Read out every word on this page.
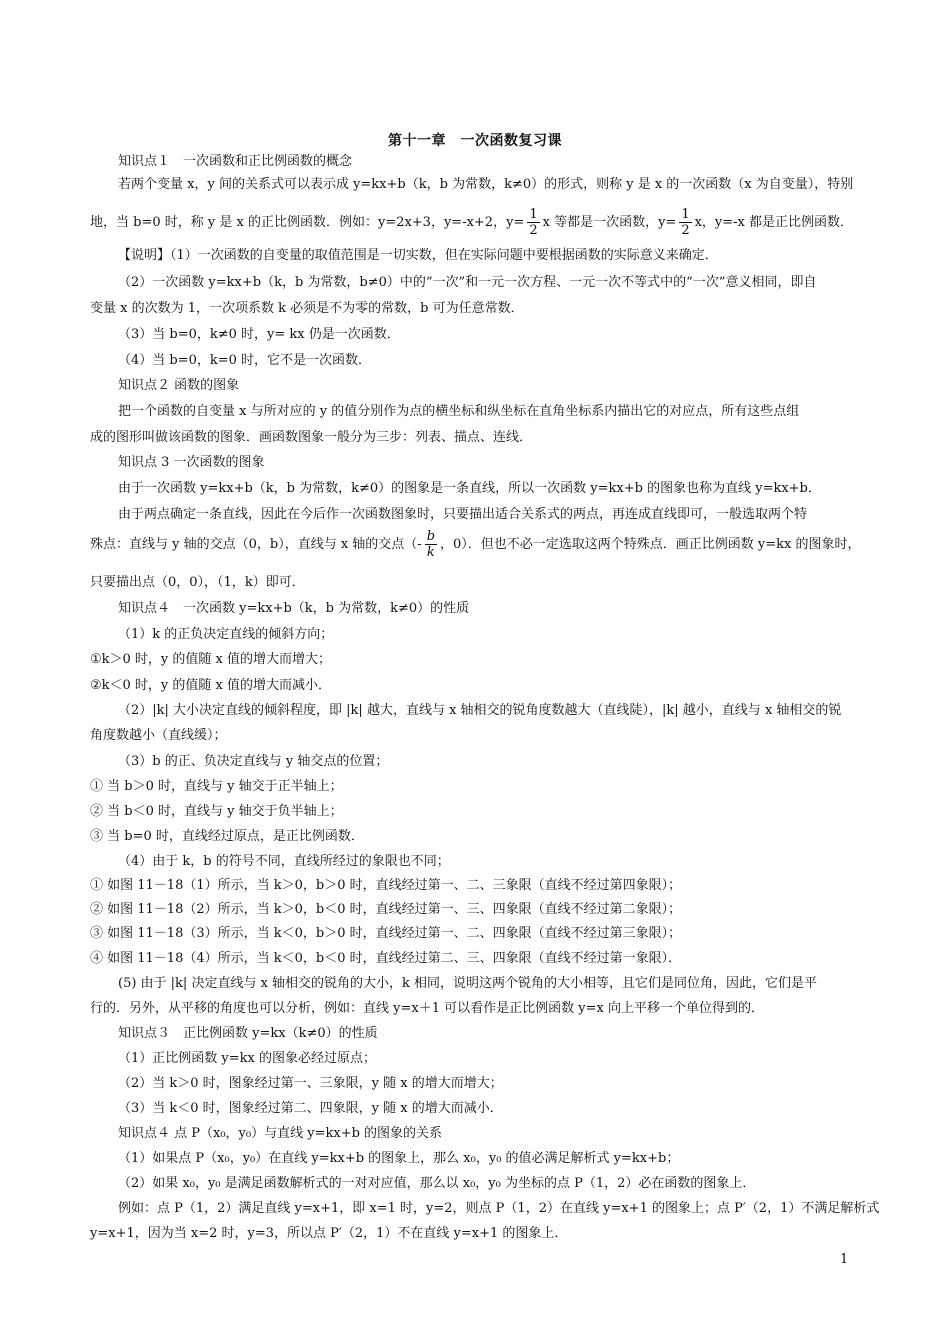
第十一章　一次函数复习课
知识点１　一次函数和正比例函数的概念
若两个变量 x，y 间的关系式可以表示成 y=kx+b（k，b 为常数，k≠0）的形式，则称 y 是 x 的一次函数（x 为自变量），特别
地，当 b=0 时，称 y 是 x 的正比例函数．例如：y=2x+3，y=-x+2，$y= \frac{1}{2}$ x 等都是一次函数，$y= \frac{1}{2}$ x，y=-x 都是正比例函数．
【说明】（1）一次函数的自变量的取值范围是一切实数，但在实际问题中要根据函数的实际意义来确定．
（2）一次函数 y=kx+b（k，b 为常数，b≠0）中的“一次”和一元一次方程、一元一次不等式中的“一次”意义相同，即自
变量 x 的次数为 1，一次项系数 k 必须是不为零的常数，b 可为任意常数．
（3）当 b=0，k≠0 时，y= kx 仍是一次函数．
（4）当 b=0，k=0 时，它不是一次函数．
知识点２ 函数的图象
把一个函数的自变量 x 与所对应的 y 的值分别作为点的横坐标和纵坐标在直角坐标系内描出它的对应点，所有这些点组
成的图形叫做该函数的图象．画函数图象一般分为三步：列表、描点、连线．
知识点 3 一次函数的图象
由于一次函数 y=kx+b（k，b 为常数，k≠0）的图象是一条直线，所以一次函数 y=kx+b 的图象也称为直线 y=kx+b．
由于两点确定一条直线，因此在今后作一次函数图象时，只要描出适合关系式的两点，再连成直线即可，一般选取两个特
殊点：直线与 y 轴的交点（0，b），直线与 x 轴的交点（- $\frac{b}{k}$ ，0）．但也不必一定选取这两个特殊点．画正比例函数 y=kx 的图象时，
只要描出点（0，0），（1，k）即可．
知识点４　一次函数 y=kx+b（k，b 为常数，k≠0）的性质
（1）k 的正负决定直线的倾斜方向；
①k＞0 时，y 的值随 x 值的增大而增大；
②k＜0 时，y 的值随 x 值的增大而减小．
（2）|k| 大小决定直线的倾斜程度，即 |k| 越大，直线与 x 轴相交的锐角度数越大（直线陡），|k| 越小，直线与 x 轴相交的锐
角度数越小（直线缓）；
（3）b 的正、负决定直线与 y 轴交点的位置；
① 当 b＞0 时，直线与 y 轴交于正半轴上；
② 当 b＜0 时，直线与 y 轴交于负半轴上；
③ 当 b=0 时，直线经过原点，是正比例函数．
（4）由于 k，b 的符号不同，直线所经过的象限也不同；
① 如图 11－18（1）所示，当 k＞0，b＞0 时，直线经过第一、二、三象限（直线不经过第四象限）；
② 如图 11－18（2）所示，当 k＞0，b＜0 时，直线经过第一、三、四象限（直线不经过第二象限）；
③ 如图 11－18（3）所示，当 k＜0，b＞0 时，直线经过第一、二、四象限（直线不经过第三象限）；
④ 如图 11－18（4）所示，当 k＜0，b＜0 时，直线经过第二、三、四象限（直线不经过第一象限）．
(5) 由于 |k| 决定直线与 x 轴相交的锐角的大小，k 相同，说明这两个锐角的大小相等，且它们是同位角，因此，它们是平
行的．另外，从平移的角度也可以分析，例如：直线 y=x＋1 可以看作是正比例函数 y=x 向上平移一个单位得到的．
知识点３　正比例函数 y=kx（k≠0）的性质
（1）正比例函数 y=kx 的图象必经过原点；
（2）当 k＞0 时，图象经过第一、三象限，y 随 x 的增大而增大；
（3）当 k＜0 时，图象经过第二、四象限，y 随 x 的增大而减小．
知识点４ 点 P（x₀，y₀）与直线 y=kx+b 的图象的关系
（1）如果点 P（x₀，y₀）在直线 y=kx+b 的图象上，那么 x₀，y₀ 的值必满足解析式 y=kx+b；
（2）如果 x₀，y₀ 是满足函数解析式的一对对应值，那么以 x₀，y₀ 为坐标的点 P（1，2）必在函数的图象上．
例如：点 P（1，2）满足直线 y=x+1，即 x=1 时，y=2，则点 P（1，2）在直线 y=x+1 的图象上；点 P′（2，1）不满足解析式
y=x+1，因为当 x=2 时，y=3，所以点 P′（2，1）不在直线 y=x+1 的图象上．
1
